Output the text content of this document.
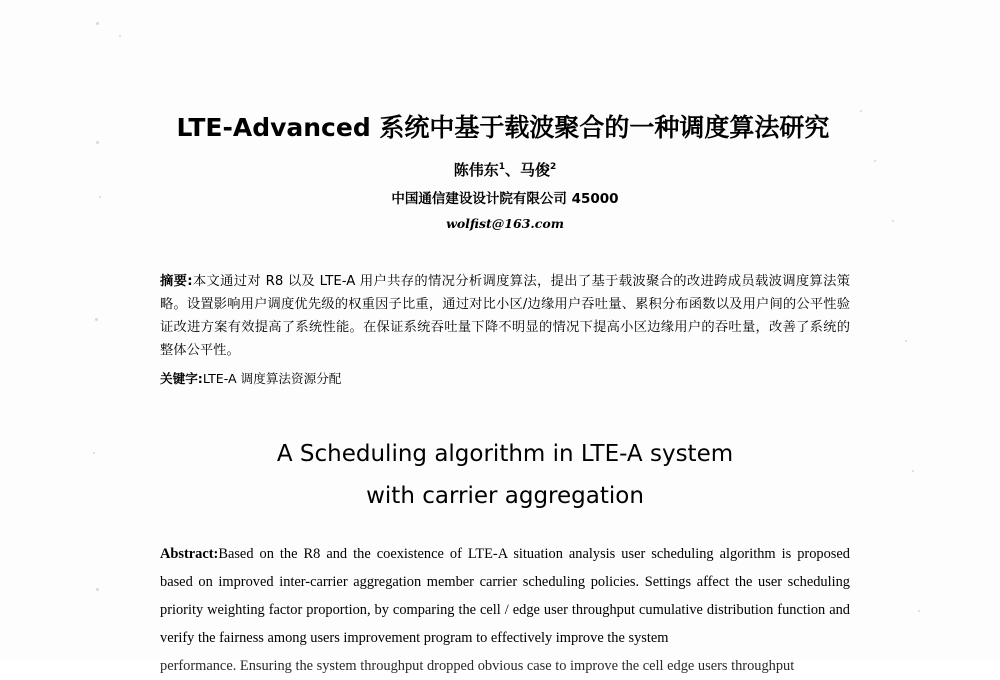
LTE-Advanced 系统中基于载波聚合的一种调度算法研究
陈伟东$^1$、马俊$^2$
中国通信建设设计院有限公司 45000
wolfist@163.com
摘要:本文通过对 R8 以及 LTE-A 用户共存的情况分析调度算法，提出了基于载波聚合的改进跨成员载波调度算法策略。设置影响用户调度优先级的权重因子比重，通过对比小区/边缘用户吞吐量、累积分布函数以及用户间的公平性验证改进方案有效提高了系统性能。在保证系统吞吐量下降不明显的情况下提高小区边缘用户的吞吐量，改善了系统的整体公平性。
关键字:LTE-A 调度算法资源分配
A Scheduling algorithm in LTE-A system
with carrier aggregation
Abstract:Based on the R8 and the coexistence of LTE-A situation analysis user scheduling algorithm is proposed based on improved inter-carrier aggregation member carrier scheduling policies. Settings affect the user scheduling priority weighting factor proportion, by comparing the cell / edge user throughput cumulative distribution function and verify the fairness among users improvement program to effectively improve the system
performance. Ensuring the system throughput dropped obvious case to improve the cell edge users throughput
